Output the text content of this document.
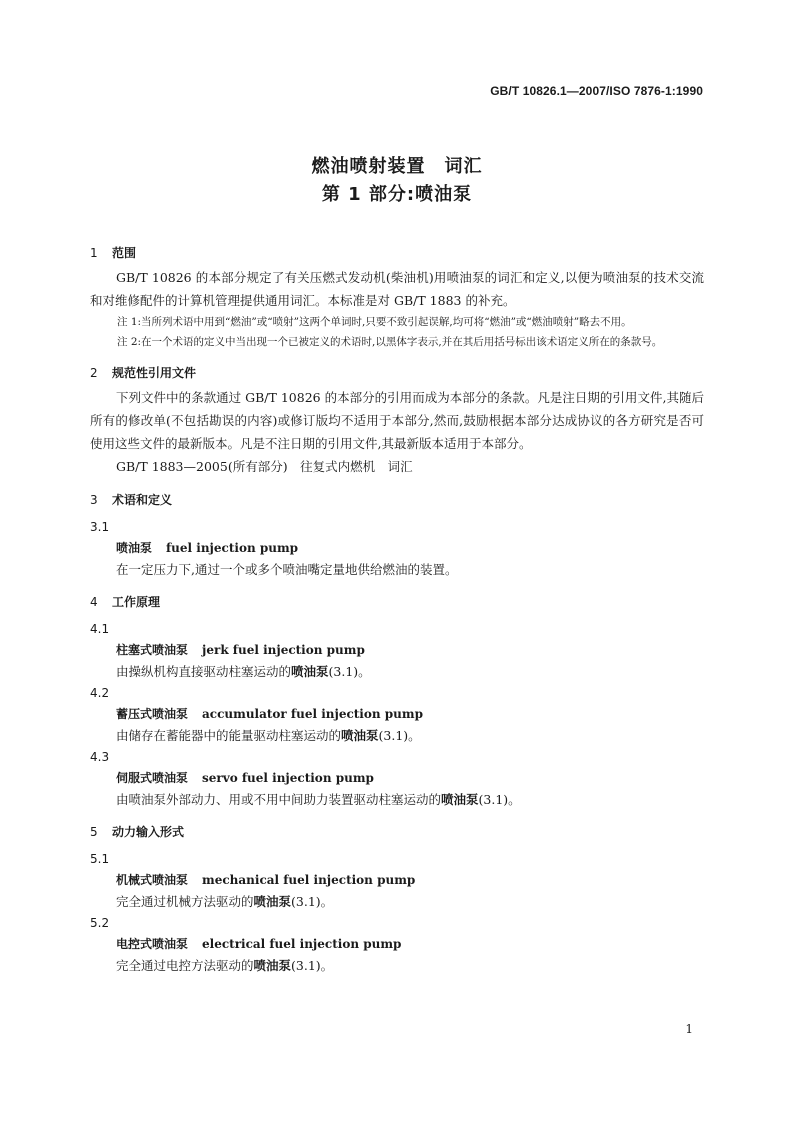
GB/T 10826.1—2007/ISO 7876-1:1990
燃油喷射装置　词汇
第 1 部分:喷油泵
1 范围

GB/T 10826 的本部分规定了有关压燃式发动机(柴油机)用喷油泵的词汇和定义,以便为喷油泵的技术交流和对维修配件的计算机管理提供通用词汇。本标准是对 GB/T 1883 的补充。

注 1:当所列术语中用到“燃油”或“喷射”这两个单词时,只要不致引起误解,均可将“燃油”或“燃油喷射”略去不用。

注 2:在一个术语的定义中当出现一个已被定义的术语时,以黑体字表示,并在其后用括号标出该术语定义所在的条款号。

2 规范性引用文件

下列文件中的条款通过 GB/T 10826 的本部分的引用而成为本部分的条款。凡是注日期的引用文件,其随后所有的修改单(不包括勘误的内容)或修订版均不适用于本部分,然而,鼓励根据本部分达成协议的各方研究是否可使用这些文件的最新版本。凡是不注日期的引用文件,其最新版本适用于本部分。

GB/T 1883—2005(所有部分)　往复式内燃机　词汇

3 术语和定义
3.1
喷油泵 fuel injection pump

在一定压力下,通过一个或多个喷油嘴定量地供给燃油的装置。

4 工作原理
4.1
柱塞式喷油泵 jerk fuel injection pump

由操纵机构直接驱动柱塞运动的喷油泵(3.1)。

4.2
蓄压式喷油泵 accumulator fuel injection pump

由储存在蓄能器中的能量驱动柱塞运动的喷油泵(3.1)。

4.3
伺服式喷油泵 servo fuel injection pump

由喷油泵外部动力、用或不用中间助力装置驱动柱塞运动的喷油泵(3.1)。

5 动力输入形式
5.1
机械式喷油泵 mechanical fuel injection pump

完全通过机械方法驱动的喷油泵(3.1)。

5.2
电控式喷油泵 electrical fuel injection pump

完全通过电控方法驱动的喷油泵(3.1)。

1
